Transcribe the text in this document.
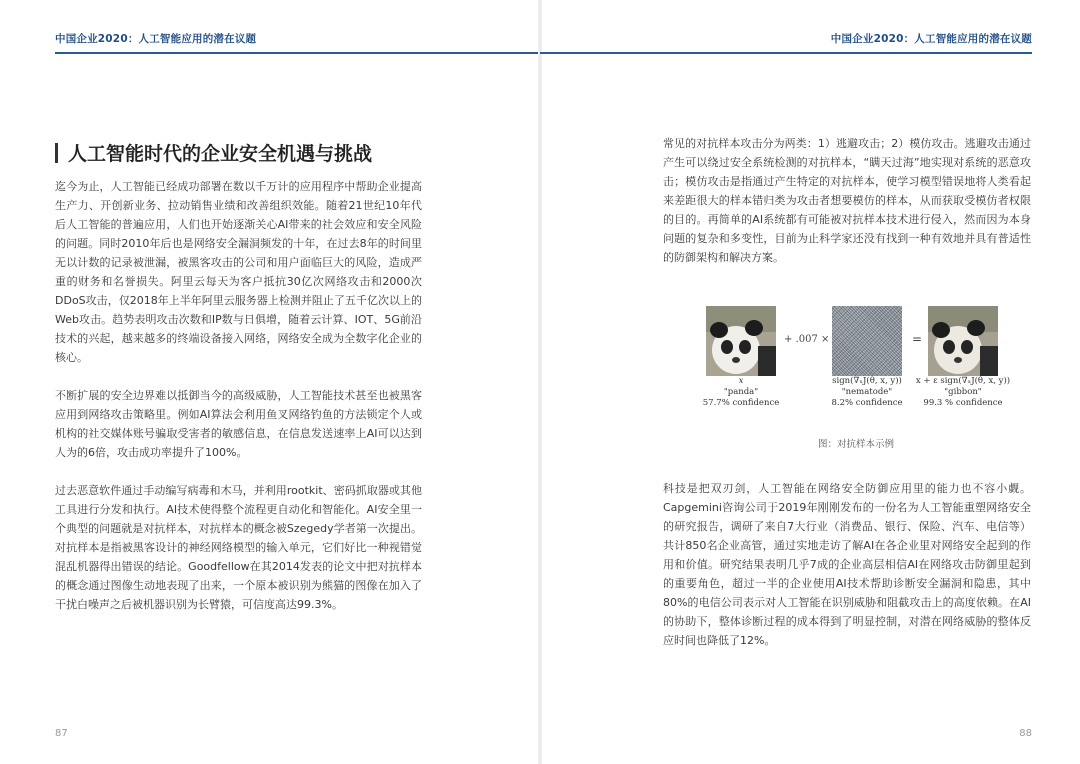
中国企业2020：人工智能应用的潜在议题
人工智能时代的企业安全机遇与挑战

迄今为止，人工智能已经成功部署在数以千万计的应用程序中帮助企业提高生产力、开创新业务、拉动销售业绩和改善组织效能。随着21世纪10年代后人工智能的普遍应用，人们也开始逐渐关心AI带来的社会效应和安全风险的问题。同时2010年后也是网络安全漏洞频发的十年，在过去8年的时间里无以计数的记录被泄漏，被黑客攻击的公司和用户面临巨大的风险，造成严重的财务和名誉损失。阿里云每天为客户抵抗30亿次网络攻击和2000次DDoS攻击，仅2018年上半年阿里云服务器上检测并阻止了五千亿次以上的Web攻击。趋势表明攻击次数和IP数与日俱增，随着云计算、IOT、5G前沿技术的兴起，越来越多的终端设备接入网络，网络安全成为全数字化企业的核心。

不断扩展的安全边界难以抵御当今的高级威胁，人工智能技术甚至也被黑客应用到网络攻击策略里。例如AI算法会利用鱼叉网络钓鱼的方法锁定个人或机构的社交媒体账号骗取受害者的敏感信息，在信息发送速率上AI可以达到人为的6倍，攻击成功率提升了100%。

过去恶意软件通过手动编写病毒和木马，并利用rootkit、密码抓取器或其他工具进行分发和执行。AI技术使得整个流程更自动化和智能化。AI安全里一个典型的问题就是对抗样本，对抗样本的概念被Szegedy学者第一次提出。对抗样本是指被黑客设计的神经网络模型的输入单元，它们好比一种视错觉混乱机器得出错误的结论。Goodfellow在其2014发表的论文中把对抗样本的概念通过图像生动地表现了出来，一个原本被识别为熊猫的图像在加入了干扰白噪声之后被机器识别为长臂猿，可信度高达99.3%。

87
中国企业2020：人工智能应用的潜在议题

常见的对抗样本攻击分为两类：1）逃避攻击；2）模仿攻击。逃避攻击通过产生可以绕过安全系统检测的对抗样本，“瞒天过海”地实现对系统的恶意攻击；模仿攻击是指通过产生特定的对抗样本，使学习模型错误地将人类看起来差距很大的样本错归类为攻击者想要模仿的样本，从而获取受模仿者权限的目的。再简单的AI系统都有可能被对抗样本技术进行侵入，然而因为本身问题的复杂和多变性，目前为止科学家还没有找到一种有效地并具有普适性的防御架构和解决方案。

+ .007 ×	=
x
"panda"
57.7% confidence
sign(∇ₓJ(θ, x, y))
"nematode"
8.2% confidence
x + ε sign(∇ₓJ(θ, x, y))
"gibbon"
99.3 % confidence
图：对抗样本示例

科技是把双刃剑，人工智能在网络安全防御应用里的能力也不容小觑。Capgemini咨询公司于2019年刚刚发布的一份名为人工智能重塑网络安全的研究报告，调研了来自7大行业（消费品、银行、保险、汽车、电信等）共计850名企业高管，通过实地走访了解AI在各企业里对网络安全起到的作用和价值。研究结果表明几乎7成的企业高层相信AI在网络攻击防御里起到的重要角色，超过一半的企业使用AI技术帮助诊断安全漏洞和隐患，其中80%的电信公司表示对人工智能在识别威胁和阻截攻击上的高度依赖。在AI的协助下，整体诊断过程的成本得到了明显控制，对潜在网络威胁的整体反应时间也降低了12%。

88
